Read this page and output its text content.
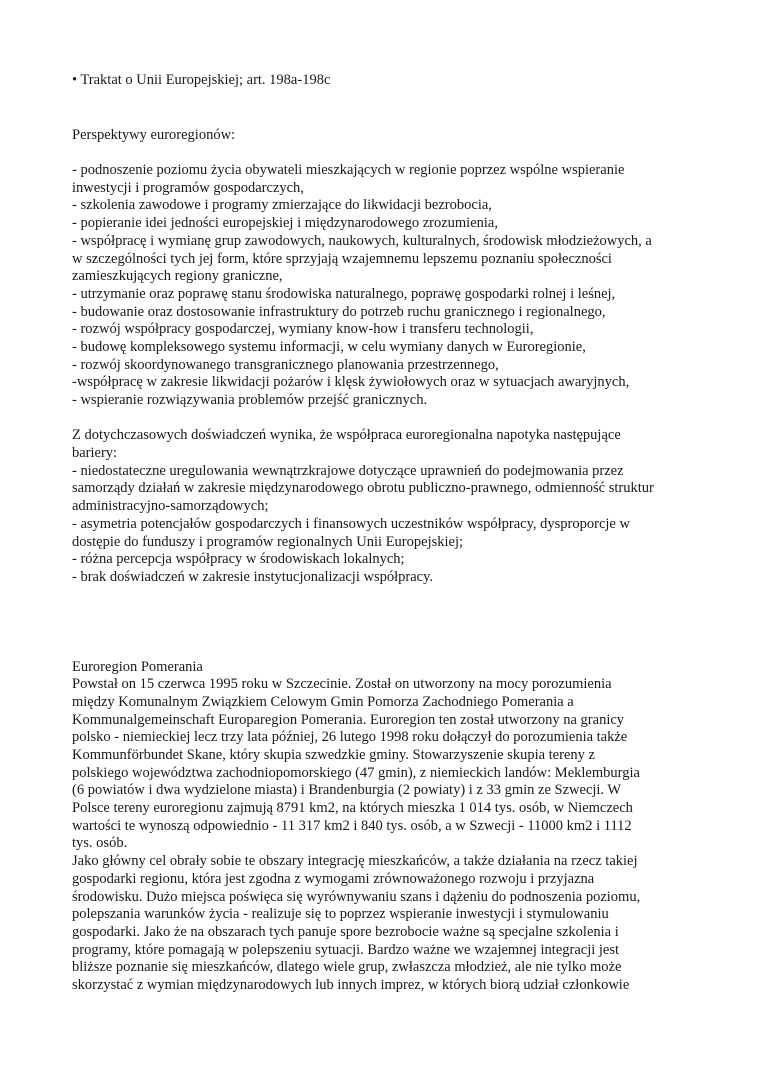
• Traktat o Unii Europejskiej; art. 198a-198c
Perspektywy euroregionów:
- podnoszenie poziomu życia obywateli mieszkających w regionie poprzez wspólne wspieranie
inwestycji i programów gospodarczych,
- szkolenia zawodowe i programy zmierzające do likwidacji bezrobocia,
- popieranie idei jedności europejskiej i międzynarodowego zrozumienia,
- współpracę i wymianę grup zawodowych, naukowych, kulturalnych, środowisk młodzieżowych, a
w szczególności tych jej form, które sprzyjają wzajemnemu lepszemu poznaniu społeczności
zamieszkujących regiony graniczne,
- utrzymanie oraz poprawę stanu środowiska naturalnego, poprawę gospodarki rolnej i leśnej,
- budowanie oraz dostosowanie infrastruktury do potrzeb ruchu granicznego i regionalnego,
- rozwój współpracy gospodarczej, wymiany know-how i transferu technologii,
- budowę kompleksowego systemu informacji, w celu wymiany danych w Euroregionie,
- rozwój skoordynowanego transgranicznego planowania przestrzennego,
-współpracę w zakresie likwidacji pożarów i klęsk żywiołowych oraz w sytuacjach awaryjnych,
- wspieranie rozwiązywania problemów przejść granicznych.
Z dotychczasowych doświadczeń wynika, że współpraca euroregionalna napotyka następujące
bariery:
- niedostateczne uregulowania wewnątrzkrajowe dotyczące uprawnień do podejmowania przez
samorządy działań w zakresie międzynarodowego obrotu publiczno-prawnego, odmienność struktur
administracyjno-samorządowych;
- asymetria potencjałów gospodarczych i finansowych uczestników współpracy, dysproporcje w
dostępie do funduszy i programów regionalnych Unii Europejskiej;
- różna percepcja współpracy w środowiskach lokalnych;
- brak doświadczeń w zakresie instytucjonalizacji współpracy.
Euroregion Pomerania
Powstał on 15 czerwca 1995 roku w Szczecinie. Został on utworzony na mocy porozumienia
między Komunalnym Związkiem Celowym Gmin Pomorza Zachodniego Pomerania a
Kommunalgemeinschaft Europaregion Pomerania. Euroregion ten został utworzony na granicy
polsko - niemieckiej lecz trzy lata później, 26 lutego 1998 roku dołączył do porozumienia także
Kommunförbundet Skane, który skupia szwedzkie gminy. Stowarzyszenie skupia tereny z
polskiego województwa zachodniopomorskiego (47 gmin), z niemieckich landów: Meklemburgia
(6 powiatów i dwa wydzielone miasta) i Brandenburgia (2 powiaty) i z 33 gmin ze Szwecji. W
Polsce tereny euroregionu zajmują 8791 km2, na których mieszka 1 014 tys. osób, w Niemczech
wartości te wynoszą odpowiednio - 11 317 km2 i 840 tys. osób, a w Szwecji - 11000 km2 i 1112
tys. osób.
Jako główny cel obrały sobie te obszary integrację mieszkańców, a także działania na rzecz takiej
gospodarki regionu, która jest zgodna z wymogami zrównoważonego rozwoju i przyjazna
środowisku. Dużo miejsca poświęca się wyrównywaniu szans i dążeniu do podnoszenia poziomu,
polepszania warunków życia - realizuje się to poprzez wspieranie inwestycji i stymulowaniu
gospodarki. Jako że na obszarach tych panuje spore bezrobocie ważne są specjalne szkolenia i
programy, które pomagają w polepszeniu sytuacji. Bardzo ważne we wzajemnej integracji jest
bliższe poznanie się mieszkańców, dlatego wiele grup, zwłaszcza młodzież, ale nie tylko może
skorzystać z wymian międzynarodowych lub innych imprez, w których biorą udział członkowie
